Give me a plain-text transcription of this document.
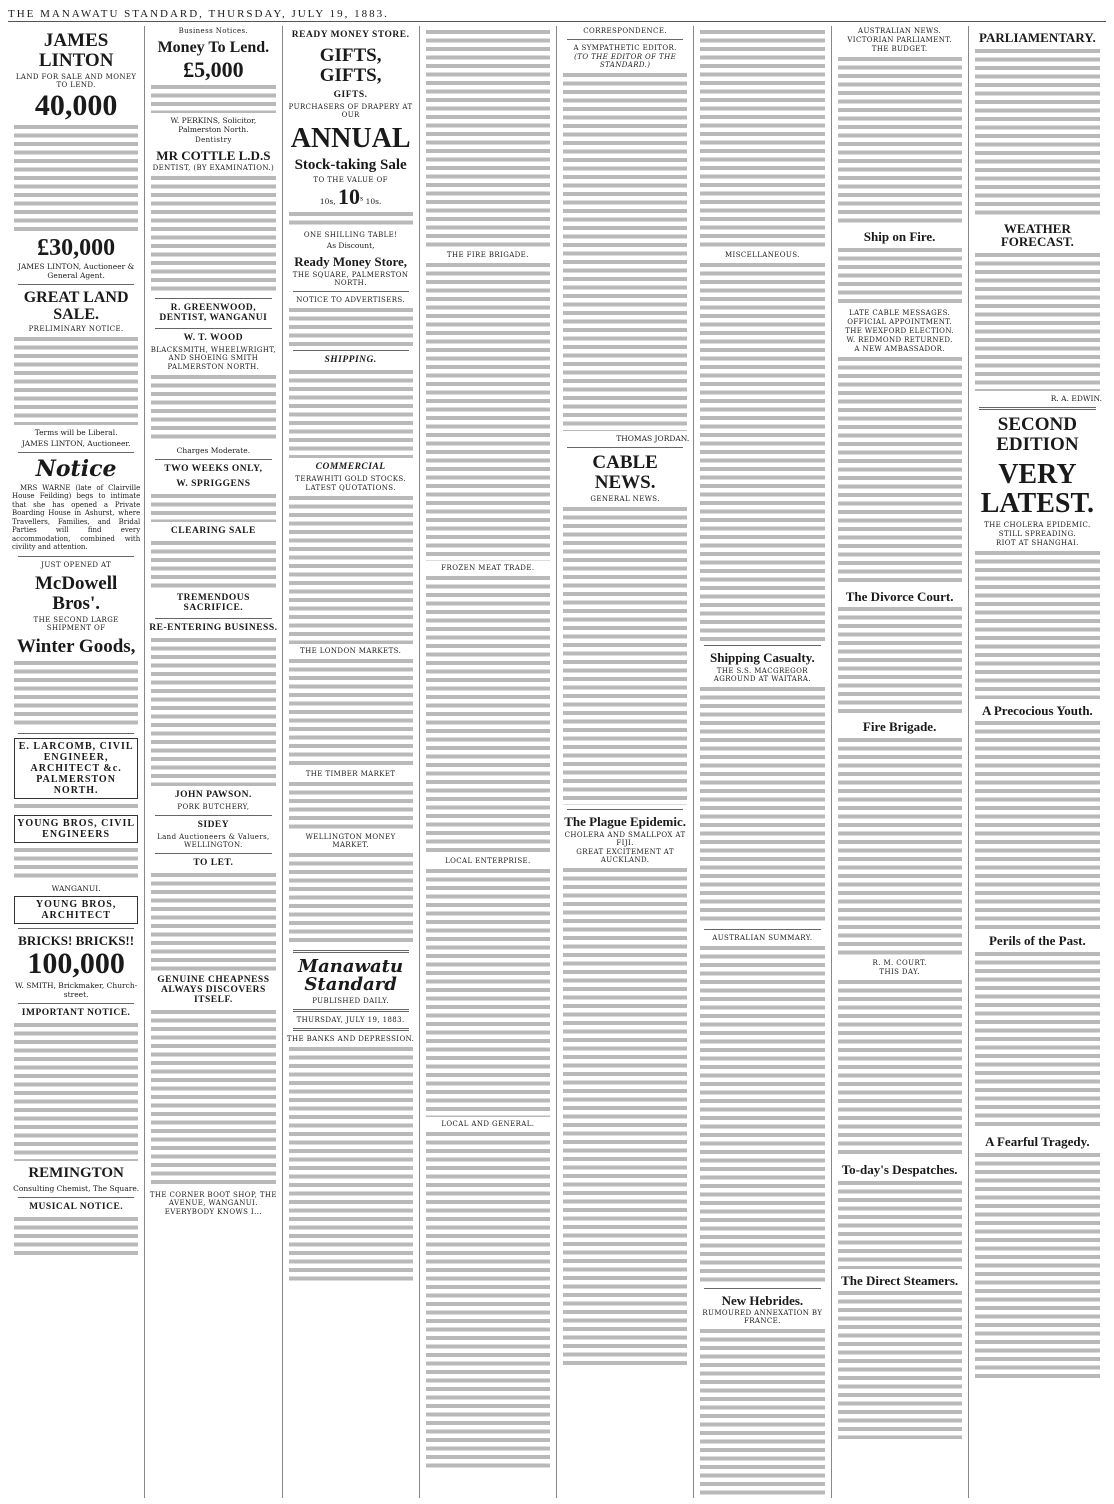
THE MANAWATU STANDARD, THURSDAY, JULY 19, 1883.
JAMES LINTON
LAND FOR SALE AND MONEY TO LEND.
40,000
£30,000
JAMES LINTON, Auctioneer & General Agent.
GREAT LAND SALE.
PRELIMINARY NOTICE.
Terms will be Liberal.
JAMES LINTON, Auctioneer.
Notice
MRS WARNE (late of Clairville House Feilding) begs to intimate that she has opened a Private Boarding House in Ashurst, where Travellers, Families, and Bridal Parties will find every accommodation, combined with civility and attention.
JUST OPENED AT
McDowell Bros'.
THE SECOND LARGE SHIPMENT OF
Winter Goods,
E. LARCOMB, CIVIL ENGINEER, ARCHITECT &c. PALMERSTON NORTH.
YOUNG BROS, CIVIL ENGINEERS
WANGANUI.
YOUNG BROS, ARCHITECT
BRICKS! BRICKS!!
100,000
W. SMITH, Brickmaker, Church-street.
IMPORTANT NOTICE.
REMINGTON
Consulting Chemist, The Square.
MUSICAL NOTICE.
Business Notices.
Money To Lend.
£5,000
W. PERKINS, Solicitor, Palmerston North.
Dentistry
MR COTTLE L.D.S
DENTIST, (BY EXAMINATION.)
R. GREENWOOD, DENTIST, WANGANUI
W. T. WOOD
BLACKSMITH, WHEELWRIGHT, AND SHOEING SMITH
PALMERSTON NORTH.
Charges Moderate.
TWO WEEKS ONLY,
W. SPRIGGENS
CLEARING SALE
TREMENDOUS SACRIFICE.
RE-ENTERING BUSINESS.
JOHN PAWSON.
PORK BUTCHERY,
SIDEY
Land Auctioneers & Valuers, WELLINGTON.
TO LET.
GENUINE CHEAPNESS ALWAYS DISCOVERS ITSELF.
THE CORNER BOOT SHOP, THE AVENUE, WANGANUI.
EVERYBODY KNOWS I...
READY MONEY STORE.
GIFTS, GIFTS,
GIFTS.
PURCHASERS OF DRAPERY AT OUR
ANNUAL
Stock-taking Sale
TO THE VALUE OF
10s, 10$^s$ 10s.
ONE SHILLING TABLE!
As Discount,
Ready Money Store,
THE SQUARE, PALMERSTON NORTH.
NOTICE TO ADVERTISERS.
SHIPPING.
COMMERCIAL
TERAWHITI GOLD STOCKS.
LATEST QUOTATIONS.
THE LONDON MARKETS.
THE TIMBER MARKET
WELLINGTON MONEY MARKET.
Manawatu Standard
PUBLISHED DAILY.
THURSDAY, JULY 19, 1883.
THE BANKS AND DEPRESSION.
THE FIRE BRIGADE.
FROZEN MEAT TRADE.
LOCAL ENTERPRISE.
LOCAL AND GENERAL.
CORRESPONDENCE.
A SYMPATHETIC EDITOR.
(TO THE EDITOR OF THE STANDARD.)
THOMAS JORDAN.
CABLE NEWS.
GENERAL NEWS.
The Plague Epidemic.
CHOLERA AND SMALLPOX AT FIJI.
GREAT EXCITEMENT AT AUCKLAND.
MISCELLANEOUS.
Shipping Casualty.
THE S.S. MACGREGOR AGROUND AT WAITARA.
AUSTRALIAN SUMMARY.
New Hebrides.
RUMOURED ANNEXATION BY FRANCE.
AUSTRALIAN NEWS.
VICTORIAN PARLIAMENT.
THE BUDGET.
Ship on Fire.
LATE CABLE MESSAGES.
OFFICIAL APPOINTMENT.
THE WEXFORD ELECTION.
W. REDMOND RETURNED.
A NEW AMBASSADOR.
The Divorce Court.
Fire Brigade.
R. M. COURT.
THIS DAY.
To-day's Despatches.
The Direct Steamers.
PARLIAMENTARY.
WEATHER FORECAST.
R. A. EDWIN.
SECOND EDITION
VERY LATEST.
THE CHOLERA EPIDEMIC.
STILL SPREADING.
RIOT AT SHANGHAI.
A Precocious Youth.
Perils of the Past.
A Fearful Tragedy.
